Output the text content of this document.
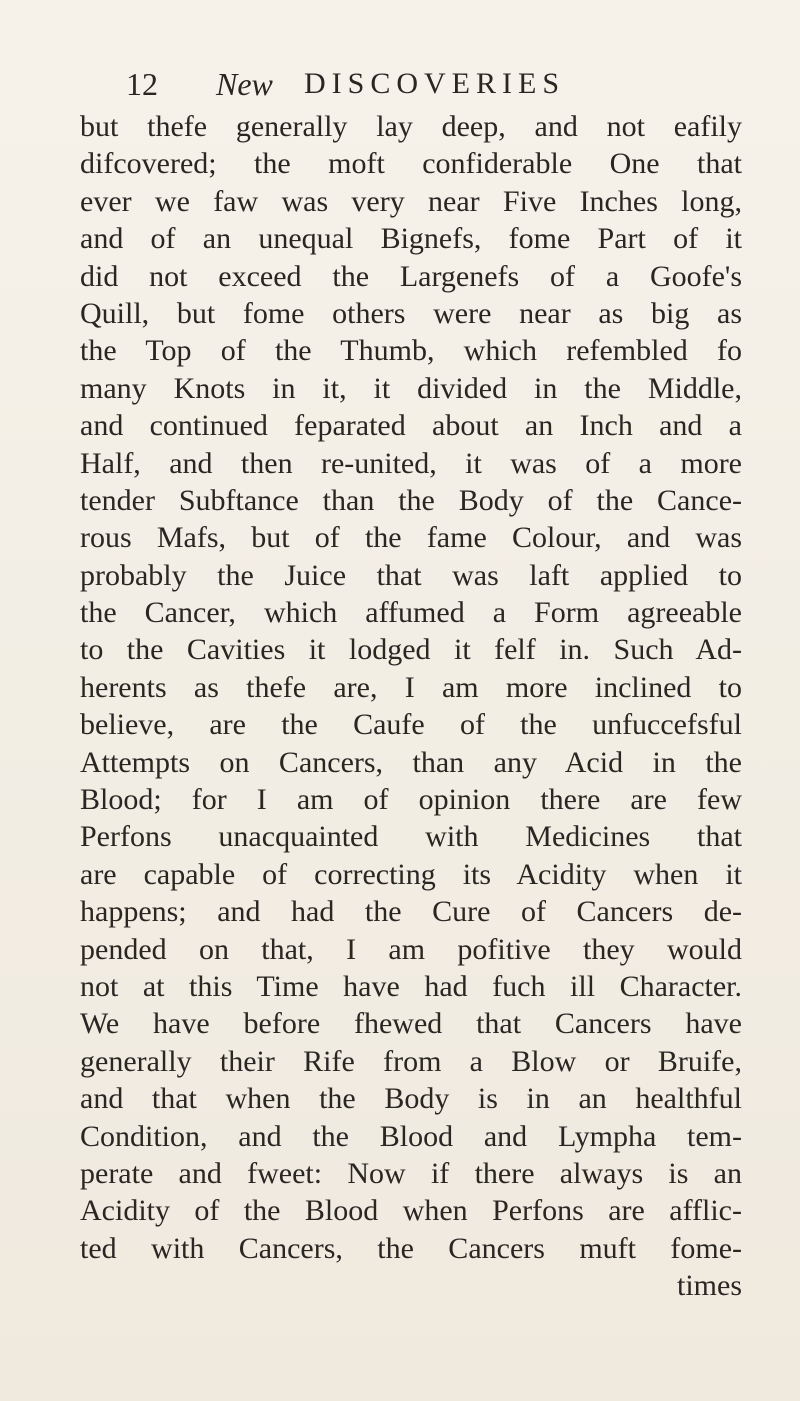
12 New DISCOVERIES
but thefe generally lay deep, and not eafily
difcovered; the moft confiderable One that
ever we faw was very near Five Inches long,
and of an unequal Bignefs, fome Part of it
did not exceed the Largenefs of a Goofe's
Quill, but fome others were near as big as
the Top of the Thumb, which refembled fo
many Knots in it, it divided in the Middle,
and continued feparated about an Inch and a
Half, and then re-united, it was of a more
tender Subftance than the Body of the Cance-
rous Mafs, but of the fame Colour, and was
probably the Juice that was laft applied to
the Cancer, which affumed a Form agreeable
to the Cavities it lodged it felf in. Such Ad-
herents as thefe are, I am more inclined to
believe, are the Caufe of the unfuccefsful
Attempts on Cancers, than any Acid in the
Blood; for I am of opinion there are few
Perfons unacquainted with Medicines that
are capable of correcting its Acidity when it
happens; and had the Cure of Cancers de-
pended on that, I am pofitive they would
not at this Time have had fuch ill Character.
We have before fhewed that Cancers have
generally their Rife from a Blow or Bruife,
and that when the Body is in an healthful
Condition, and the Blood and Lympha tem-
perate and fweet: Now if there always is an
Acidity of the Blood when Perfons are afflic-
ted with Cancers, the Cancers muft fome-
times
